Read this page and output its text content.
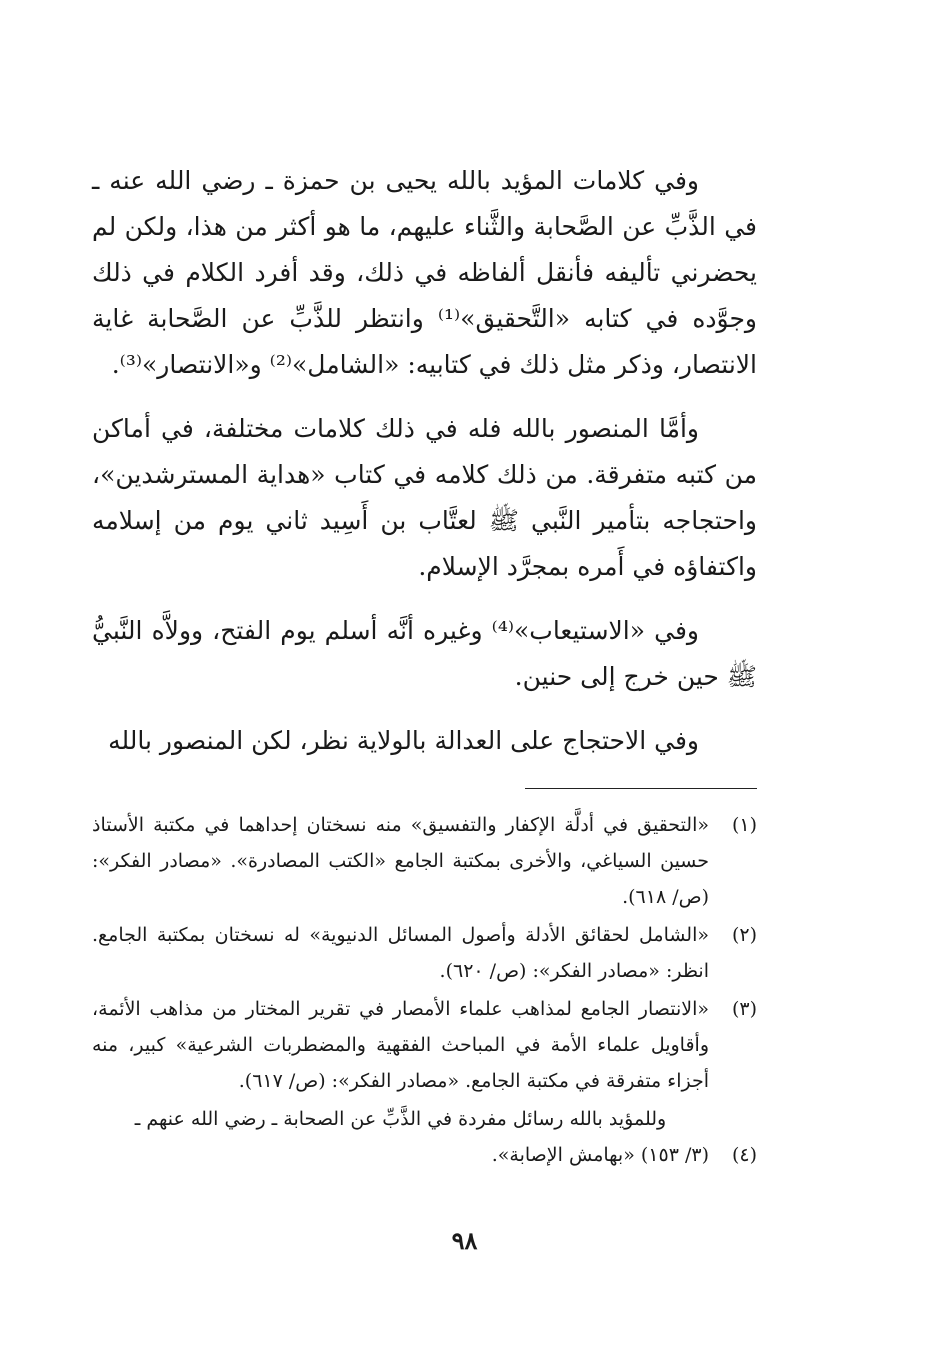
وفي كلامات المؤيد بالله يحيى بن حمزة ـ رضي الله عنه ـ في الذَّبِّ عن الصَّحابة والثَّناء عليهم، ما هو أكثر من هذا، ولكن لم يحضرني تأليفه فأنقل ألفاظه في ذلك، وقد أفرد الكلام في ذلك وجوَّده في كتابه «التَّحقيق»⁽¹⁾ وانتظر للذَّبِّ عن الصَّحابة غاية الانتصار، وذكر مثل ذلك في كتابيه: «الشامل»⁽²⁾ و«الانتصار»⁽³⁾.

وأمَّا المنصور بالله فله في ذلك كلامات مختلفة، في أماكن من كتبه متفرقة. من ذلك كلامه في كتاب «هداية المسترشدين»، واحتجاجه بتأمير النَّبي ﷺ لعتَّاب بن أَسِيد ثاني يوم من إسلامه واكتفاؤه في أَمره بمجرَّد الإسلام.

وفي «الاستيعاب»⁽⁴⁾ وغيره أنَّه أسلم يوم الفتح، وولاَّه النَّبيُّ ﷺ حين خرج إلى حنين.

وفي الاحتجاج على العدالة بالولاية نظر، لكن المنصور بالله

(١)
«التحقيق في أدلَّة الإكفار والتفسيق» منه نسختان إحداهما في مكتبة الأستاذ حسين السياغي، والأخرى بمكتبة الجامع «الكتب المصادرة». «مصادر الفكر»: (ص/ ٦١٨).
(٢)
«الشامل لحقائق الأدلة وأصول المسائل الدنيوية» له نسختان بمكتبة الجامع. انظر: «مصادر الفكر»: (ص/ ٦٢٠).
(٣)
«الانتصار الجامع لمذاهب علماء الأمصار في تقرير المختار من مذاهب الأئمة، وأقاويل علماء الأمة في المباحث الفقهية والمضطربات الشرعية» كبير، منه أجزاء متفرقة في مكتبة الجامع. «مصادر الفكر»: (ص/ ٦١٧).
وللمؤيد بالله رسائل مفردة في الذَّبِّ عن الصحابة ـ رضي الله عنهم ـ
(٤)
(٣/ ١٥٣) «بهامش الإصابة».
٩٨
